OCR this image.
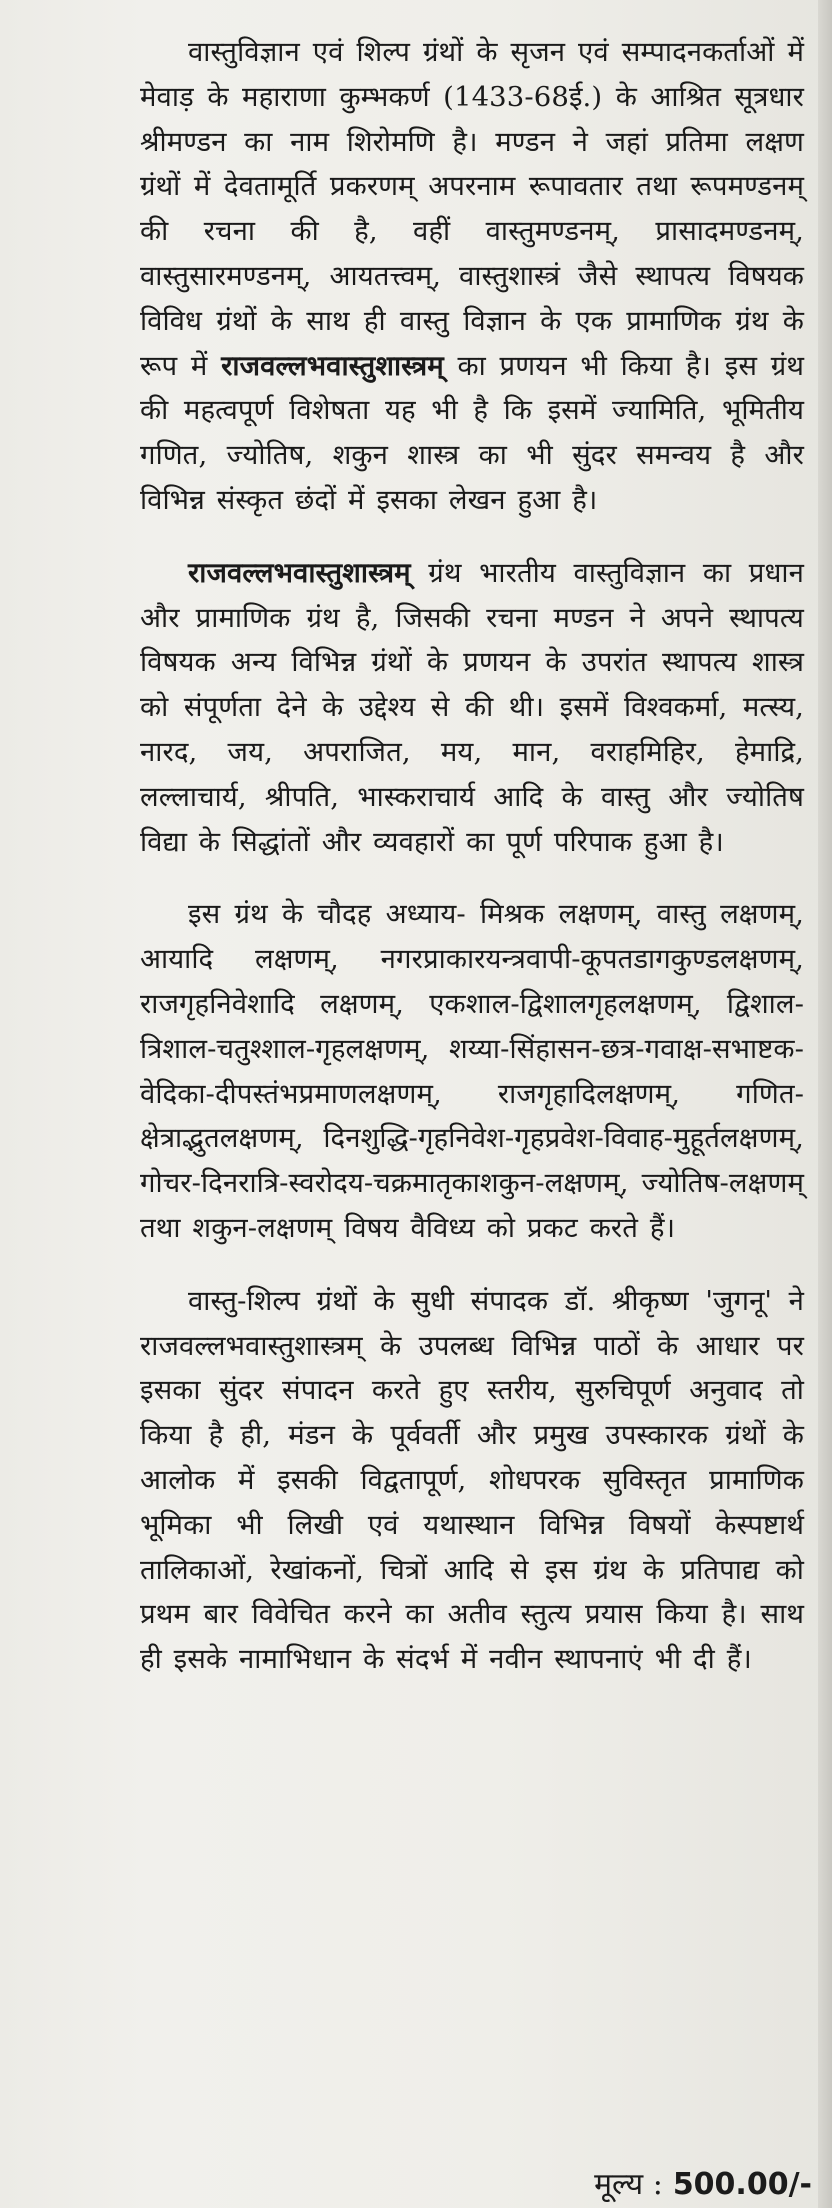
वास्तुविज्ञान एवं शिल्प ग्रंथों के सृजन एवं सम्पादनकर्ताओं में मेवाड़ के महाराणा कुम्भकर्ण (1433-68ई.) के आश्रित सूत्रधार श्रीमण्डन का नाम शिरोमणि है। मण्डन ने जहां प्रतिमा लक्षण ग्रंथों में देवतामूर्ति प्रकरणम् अपरनाम रूपावतार तथा रूपमण्डनम् की रचना की है, वहीं वास्तुमण्डनम्, प्रासादमण्डनम्, वास्तुसारमण्डनम्, आयतत्त्वम्, वास्तुशास्त्रं जैसे स्थापत्य विषयक विविध ग्रंथों के साथ ही वास्तु विज्ञान के एक प्रामाणिक ग्रंथ के रूप में राजवल्लभवास्तुशास्त्रम् का प्रणयन भी किया है। इस ग्रंथ की महत्वपूर्ण विशेषता यह भी है कि इसमें ज्यामिति, भूमितीय गणित, ज्योतिष, शकुन शास्त्र का भी सुंदर समन्वय है और विभिन्न संस्कृत छंदों में इसका लेखन हुआ है।

राजवल्लभवास्तुशास्त्रम् ग्रंथ भारतीय वास्तुविज्ञान का प्रधान और प्रामाणिक ग्रंथ है, जिसकी रचना मण्डन ने अपने स्थापत्य विषयक अन्य विभिन्न ग्रंथों के प्रणयन के उपरांत स्थापत्य शास्त्र को संपूर्णता देने के उद्देश्य से की थी। इसमें विश्वकर्मा, मत्स्य, नारद, जय, अपराजित, मय, मान, वराहमिहिर, हेमाद्रि, लल्लाचार्य, श्रीपति, भास्कराचार्य आदि के वास्तु और ज्योतिष विद्या के सिद्धांतों और व्यवहारों का पूर्ण परिपाक हुआ है।

इस ग्रंथ के चौदह अध्याय- मिश्रक लक्षणम्, वास्तु लक्षणम्, आयादि लक्षणम्, नगरप्राकारयन्त्रवापी-कूपतडागकुण्डलक्षणम्, राजगृहनिवेशादि लक्षणम्, एकशाल-द्विशालगृहलक्षणम्, द्विशाल-त्रिशाल-चतुश्शाल-गृहलक्षणम्, शय्या-सिंहासन-छत्र-गवाक्ष-सभाष्टक-वेदिका-दीपस्तंभप्रमाणलक्षणम्, राजगृहादिलक्षणम्, गणित-क्षेत्राद्भुतलक्षणम्, दिनशुद्धि-गृहनिवेश-गृहप्रवेश-विवाह-मुहूर्तलक्षणम्, गोचर-दिनरात्रि-स्वरोदय-चक्रमातृकाशकुन-लक्षणम्, ज्योतिष-लक्षणम् तथा शकुन-लक्षणम् विषय वैविध्य को प्रकट करते हैं।

वास्तु-शिल्प ग्रंथों के सुधी संपादक डॉ. श्रीकृष्ण 'जुगनू' ने राजवल्लभवास्तुशास्त्रम् के उपलब्ध विभिन्न पाठों के आधार पर इसका सुंदर संपादन करते हुए स्तरीय, सुरुचिपूर्ण अनुवाद तो किया है ही, मंडन के पूर्ववर्ती और प्रमुख उपस्कारक ग्रंथों के आलोक में इसकी विद्वतापूर्ण, शोधपरक सुविस्तृत प्रामाणिक भूमिका भी लिखी एवं यथास्थान विभिन्न विषयों केस्पष्टार्थ तालिकाओं, रेखांकनों, चित्रों आदि से इस ग्रंथ के प्रतिपाद्य को प्रथम बार विवेचित करने का अतीव स्तुत्य प्रयास किया है। साथ ही इसके नामाभिधान के संदर्भ में नवीन स्थापनाएं भी दी हैं।

मूल्य : 500.00/-
